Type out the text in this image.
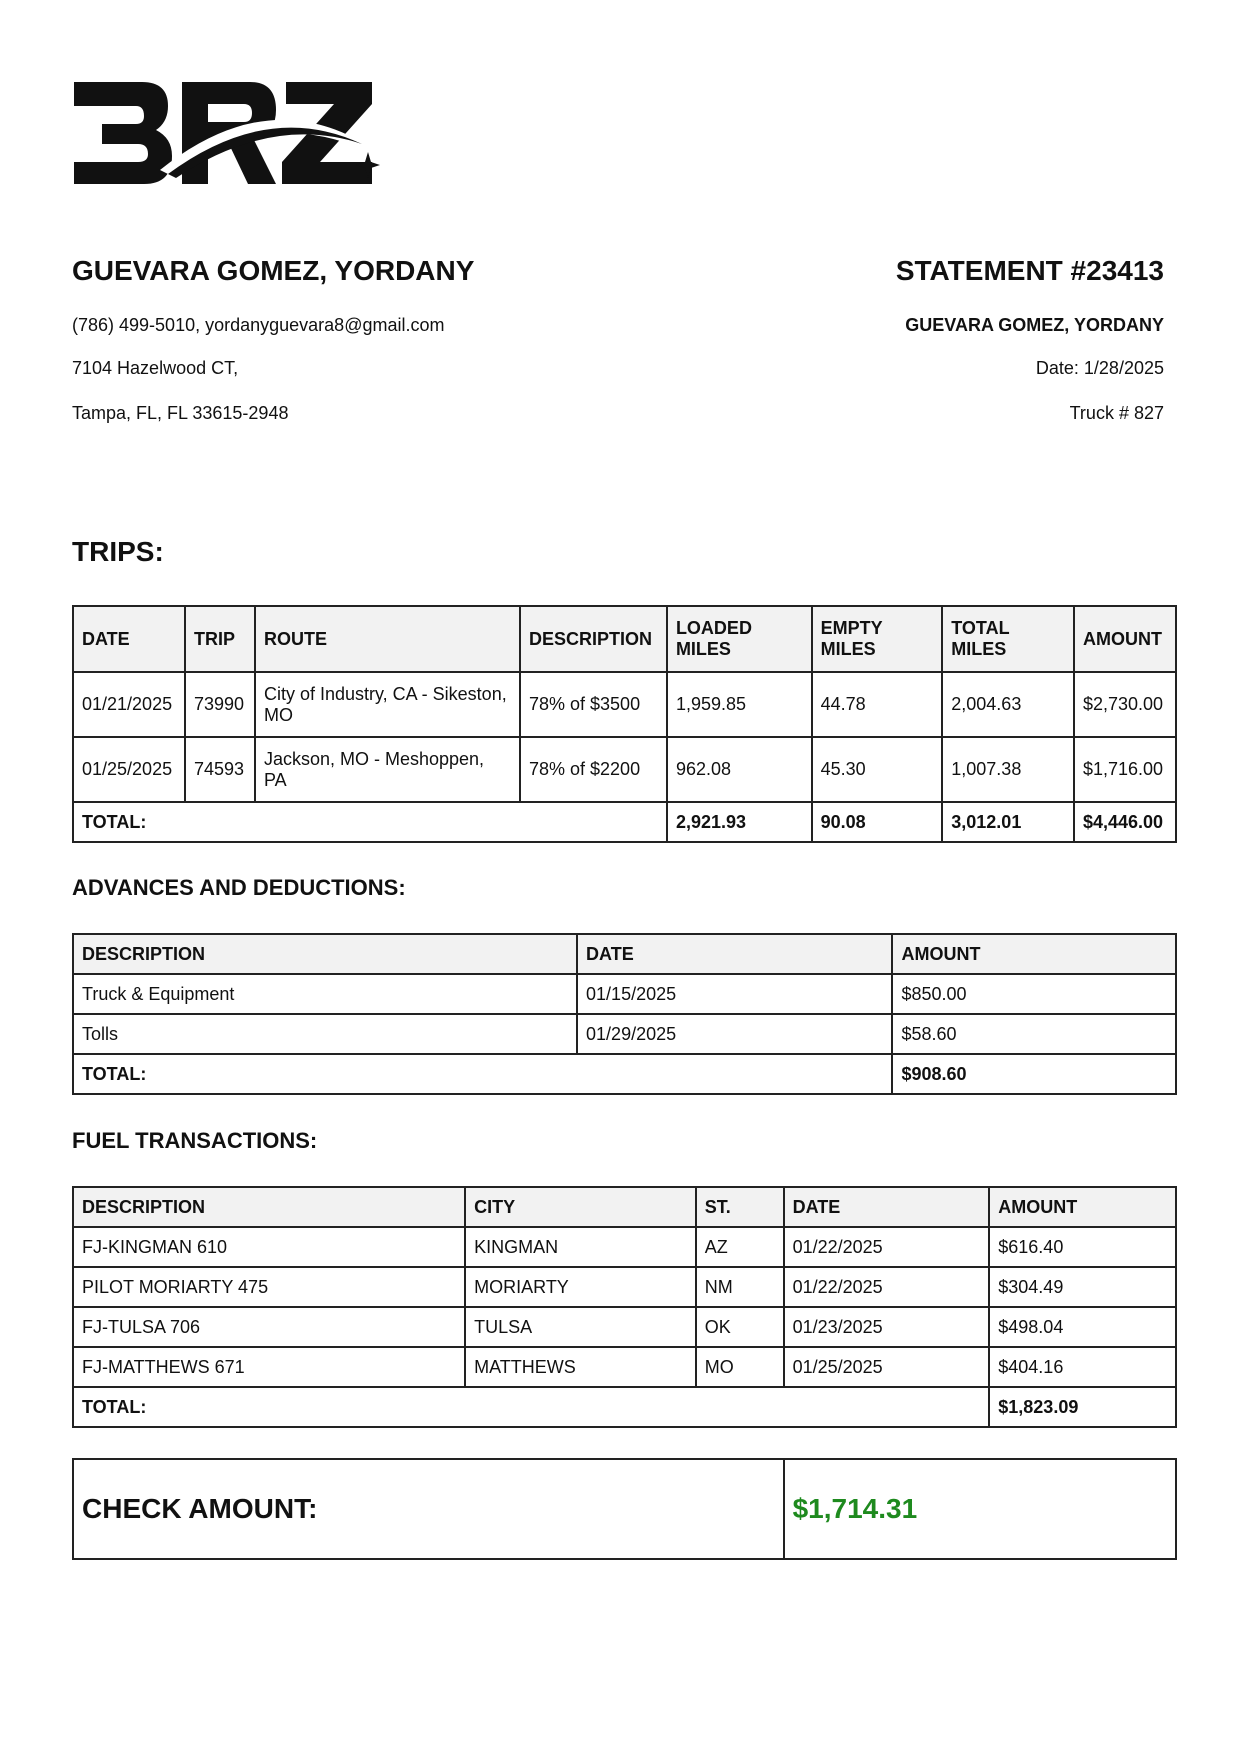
GUEVARA GOMEZ, YORDANY
(786) 499-5010, yordanyguevara8@gmail.com
7104 Hazelwood CT,
Tampa, FL, FL 33615-2948
STATEMENT #23413
GUEVARA GOMEZ, YORDANY
Date: 1/28/2025
Truck # 827
TRIPS:
DATE	TRIP	ROUTE	DESCRIPTION	LOADED MILES	EMPTY MILES	TOTAL MILES	AMOUNT
01/21/2025	73990	City of Industry, CA - Sikeston, MO	78% of $3500	1,959.85	44.78	2,004.63	$2,730.00
01/25/2025	74593	Jackson, MO - Meshoppen, PA	78% of $2200	962.08	45.30	1,007.38	$1,716.00
TOTAL:				2,921.93	90.08	3,012.01	$4,446.00
ADVANCES AND DEDUCTIONS:
DESCRIPTION	DATE	AMOUNT
Truck & Equipment	01/15/2025	$850.00
Tolls	01/29/2025	$58.60
TOTAL:		$908.60
FUEL TRANSACTIONS:
DESCRIPTION	CITY	ST.	DATE	AMOUNT
FJ-KINGMAN 610	KINGMAN	AZ	01/22/2025	$616.40
PILOT MORIARTY 475	MORIARTY	NM	01/22/2025	$304.49
FJ-TULSA 706	TULSA	OK	01/23/2025	$498.04
FJ-MATTHEWS 671	MATTHEWS	MO	01/25/2025	$404.16
TOTAL:				$1,823.09
CHECK AMOUNT:	$1,714.31
